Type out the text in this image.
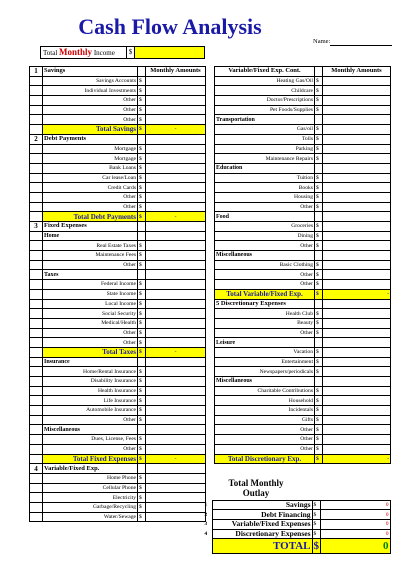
Cash Flow Analysis
Name:
Total Monthly Income	$
1	Savings		Monthly Amounts
	Savings Accounts	$	
	Individual Investments	$	
	Other	$	
	Other	$	
	Other	$	
	Total Savings	$	-
2	Debt Payments		
	Mortgage	$	
	Mortgage	$	
	Bank Loans	$	
	Car lease/Loan	$	
	Credit Cards	$	
	Other	$	
	Other	$	
	Total Debt Payments	$	-
3	Fixed Expenses		
	Home		
	Real Estate Taxes	$	
	Maintenance Fees	$	
	Other	$	
	Taxes		
	Federal Income	$	
	State Income	$	
	Local Income	$	
	Social Security	$	
	Medical/Health	$	
	Other	$	
	Other	$	
	Total Taxes	$	-
	Insurance		
	Home/Rental Insurance	$	
	Disability Insurance	$	
	Health Insurance	$	
	Life Insurance	$	
	Automobile Insurance	$	
	Other	$	
	Miscellaneous		
	Dues, License, Fees	$	
	Other	$	
	Total Fixed Expenses	$	-
4	Variable/Fixed Exp.		
	Home Phone	$	
	Cellular Phone	$	
	Electricity	$	
	Garbage/Recycling	$	
	Water/Sewage	$	
Variable/Fixed Exp. Cont.		Monthly Amounts
Heating Gas/Oil	$	
Childcare	$	
Doctor/Prescriptions	$	
Pet Foods/Supplies	$	
Transportation		
Gas/oil	$	
Tolls	$	
Parking	$	
Maintenance Repairs	$	
Education		
Tuition	$	
Books	$	
Housing	$	
Other	$	
Food		
Groceries	$	
Dining	$	
Other	$	
Miscellaneous		
Basic Clothing	$	
Other	$	
Other	$	
Total Variable/Fixed Exp.	$	-
5 Discretionary Expenses		
Health Club	$	
Beauty	$	
Other	$	
Leisure		
Vacation	$	
Entertainment	$	
Newspapers/periodicals	$	
Miscellaneous		
Charitable Contributions	$	
Household	$	
Incidentals	$	
Gifts	$	
Other	$	
Other	$	
Other	$	
Total Discretionary Exp.	$	-
Total Monthly
Outlay			

1	Savings	$	0
2	Debt Financing	$	0
3	Variable/Fixed Expenses	$	0
4	Discretionary Expenses	$	0
	TOTAL	$	0
